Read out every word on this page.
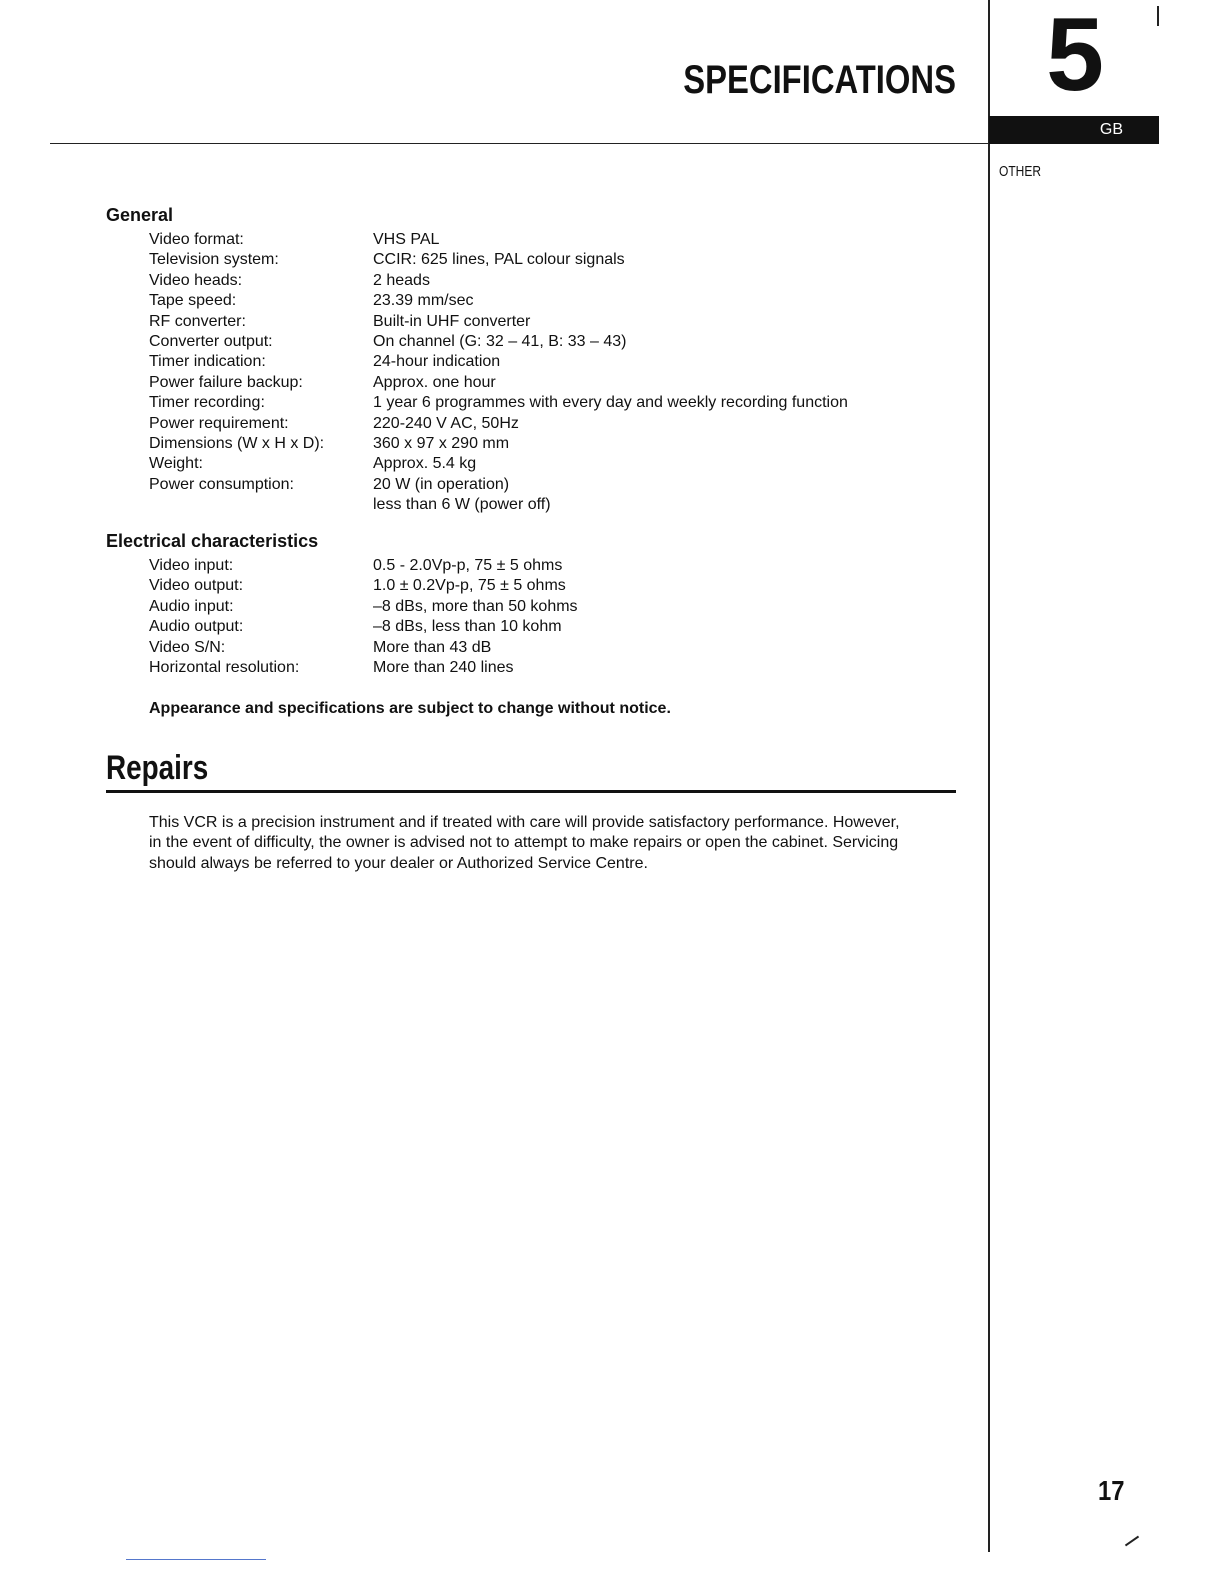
SPECIFICATIONS 5
GB
OTHER
General
Video format:	VHS PAL
Television system:	CCIR: 625 lines, PAL colour signals
Video heads:	2 heads
Tape speed:	23.39 mm/sec
RF converter:	Built-in UHF converter
Converter output:	On channel (G: 32 – 41, B: 33 – 43)
Timer indication:	24-hour indication
Power failure backup:	Approx. one hour
Timer recording:	1 year 6 programmes with every day and weekly recording function
Power requirement:	220-240 V AC, 50Hz
Dimensions (W x H x D):	360 x 97 x 290 mm
Weight:	Approx. 5.4 kg
Power consumption:	20 W (in operation)
less than 6 W (power off)
Electrical characteristics
Video input:	0.5 - 2.0Vp-p, 75 ± 5 ohms
Video output:	1.0 ± 0.2Vp-p, 75 ± 5 ohms
Audio input:	–8 dBs, more than 50 kohms
Audio output:	–8 dBs, less than 10 kohm
Video S/N:	More than 43 dB
Horizontal resolution:	More than 240 lines
Appearance and specifications are subject to change without notice.
Repairs
This VCR is a precision instrument and if treated with care will provide satisfactory performance. However,
in the event of difficulty, the owner is advised not to attempt to make repairs or open the cabinet. Servicing
should always be referred to your dealer or Authorized Service Centre.
17
